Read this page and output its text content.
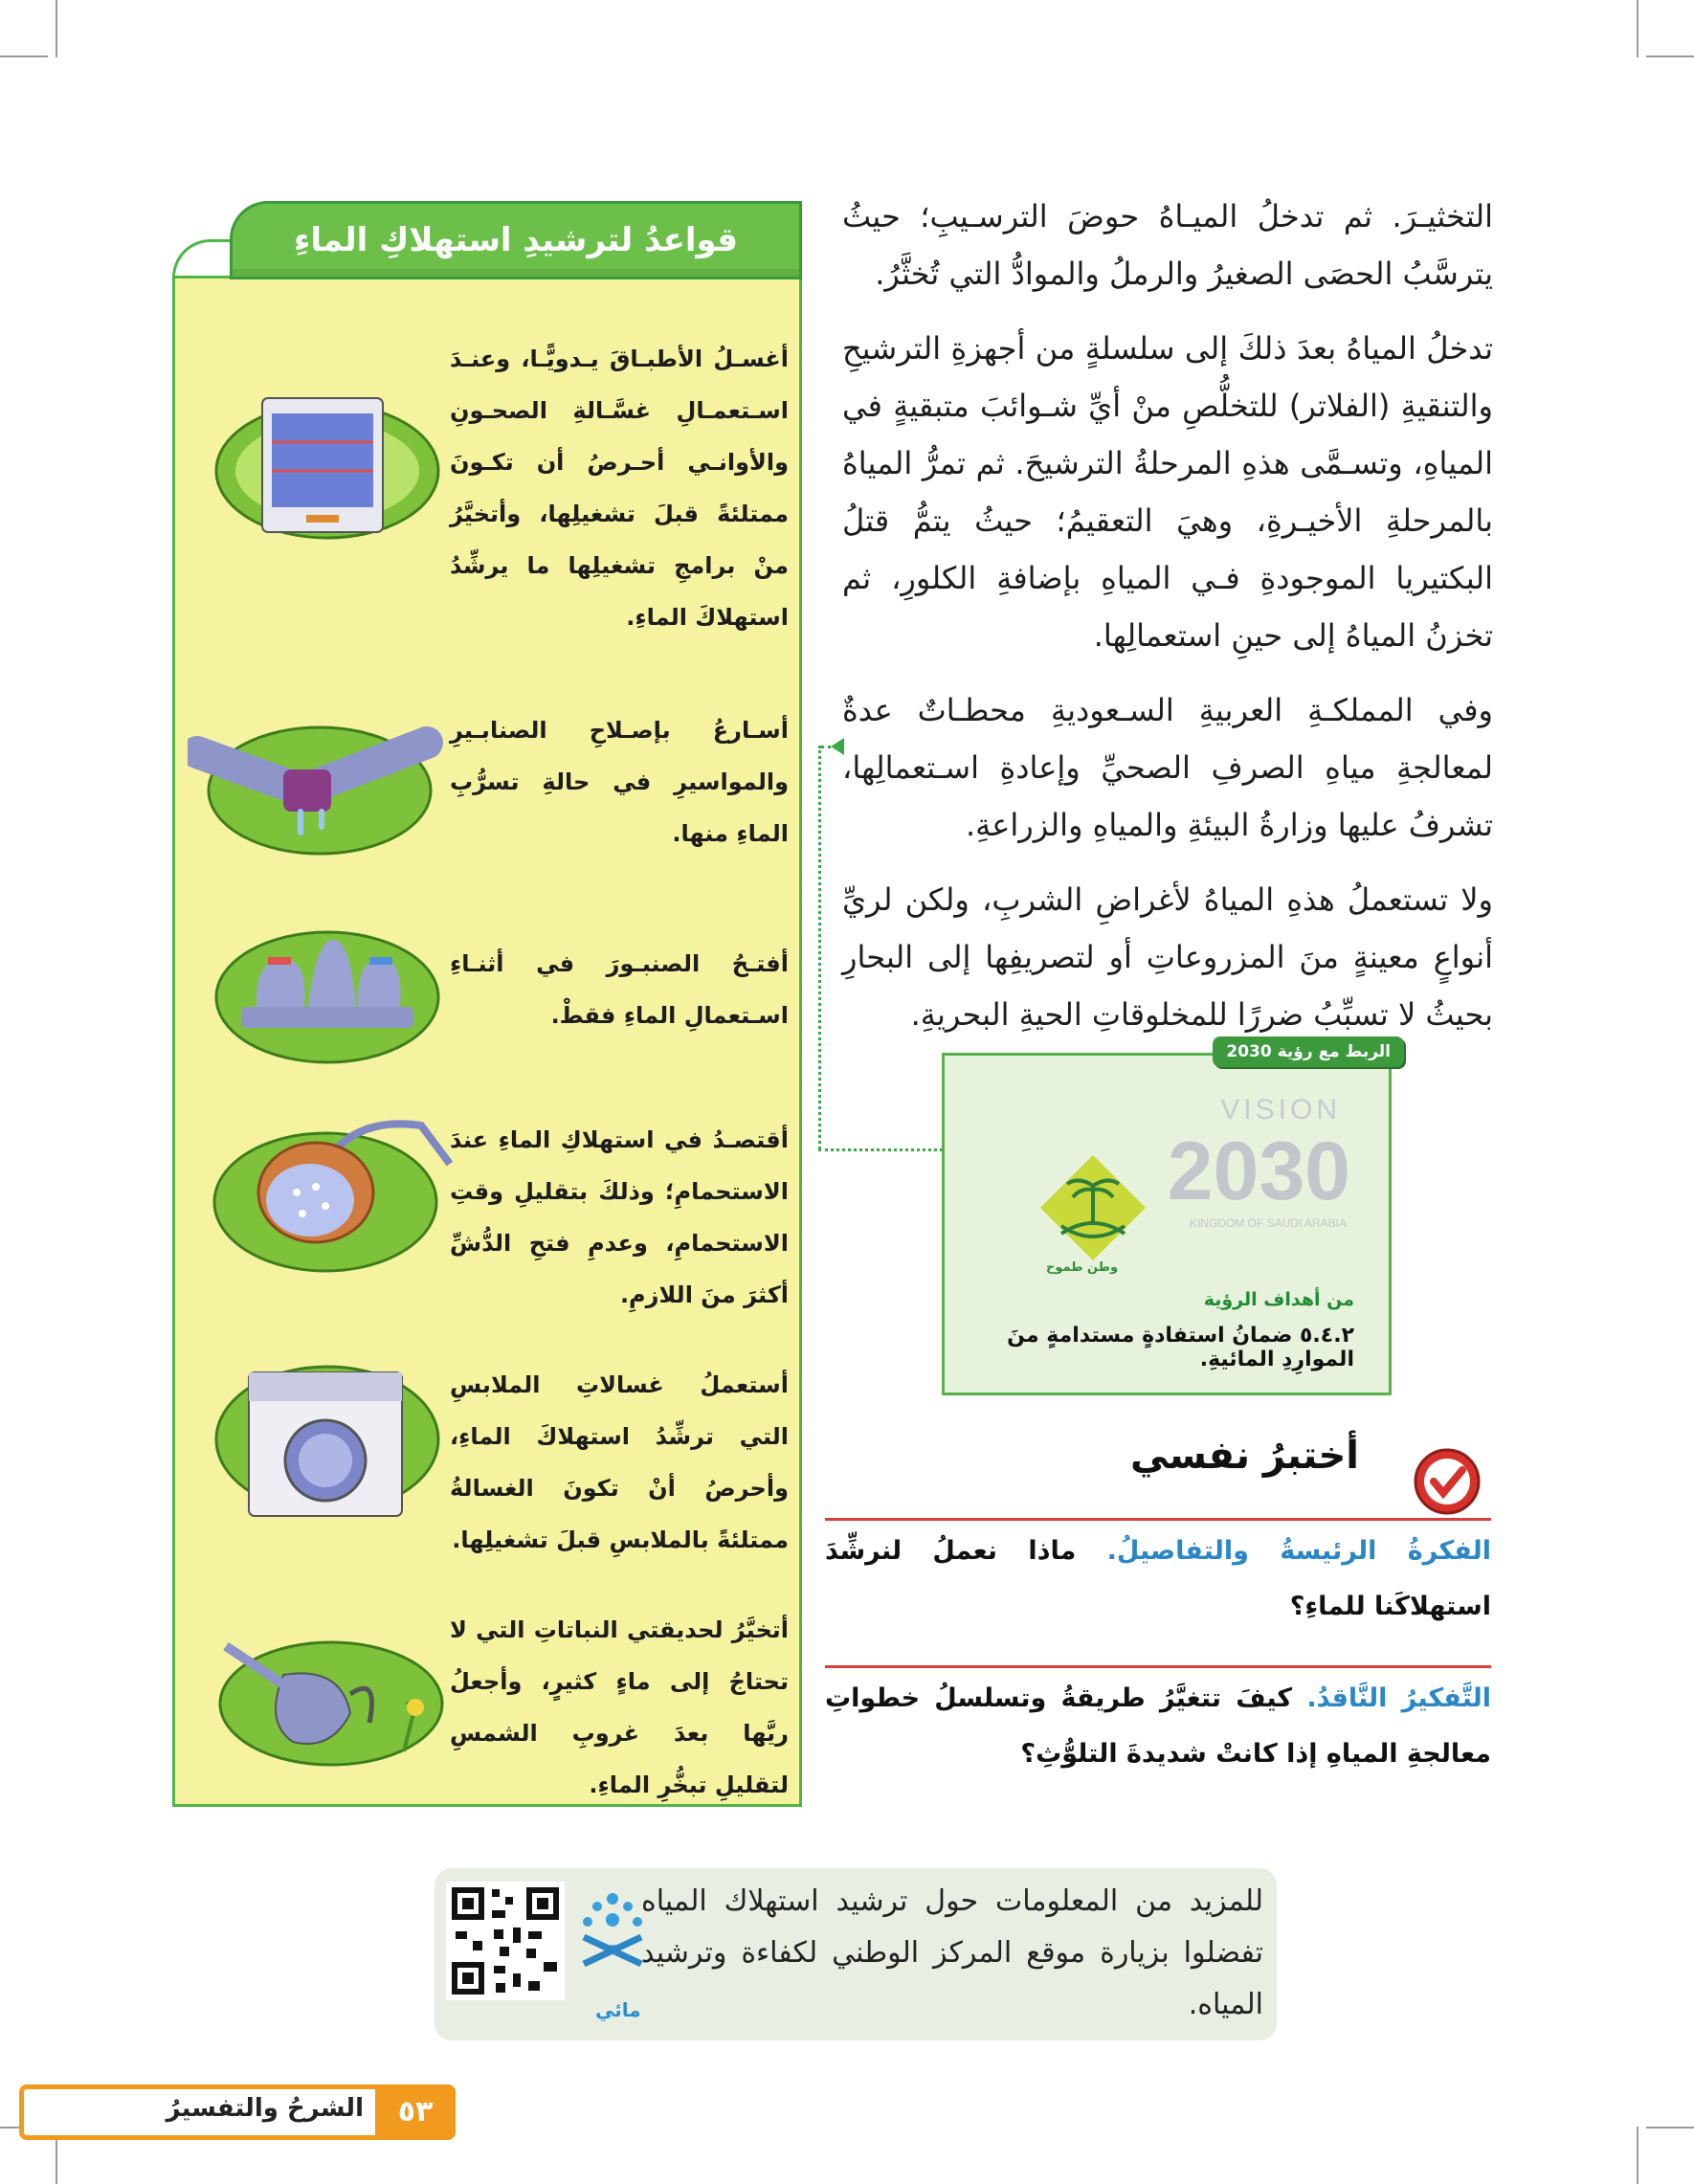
التخثيـرَ. ثم تدخلُ الميـاهُ حوضَ الترسـيبِ؛ حيثُ يترسَّبُ الحصَى الصغيرُ والرملُ والموادُّ التي تُخثَّرُ.

تدخلُ المياهُ بعدَ ذلكَ إلى سلسلةٍ من أجهزةِ الترشيحِ والتنقيةِ (الفلاتر) للتخلُّصِ منْ أيِّ شـوائبَ متبقيةٍ في المياهِ، وتسـمَّى هذهِ المرحلةُ الترشيحَ. ثم تمرُّ المياهُ بالمرحلةِ الأخيـرةِ، وهيَ التعقيمُ؛ حيثُ يتمُّ قتلُ البكتيريا الموجودةِ فـي المياهِ بإضافةِ الكلورِ، ثم تخزنُ المياهُ إلى حينِ استعمالِها.

وفي المملكـةِ العربيةِ السـعوديةِ محطـاتٌ عدةٌ لمعالجةِ مياهِ الصرفِ الصحيِّ وإعادةِ اسـتعمالِها، تشرفُ عليها وزارةُ البيئةِ والمياهِ والزراعةِ.

ولا تستعملُ هذهِ المياهُ لأغراضِ الشربِ، ولكن لريِّ أنواعٍ معينةٍ منَ المزروعاتِ أو لتصريفِها إلى البحارِ بحيثُ لا تسبِّبُ ضررًا للمخلوقاتِ الحيةِ البحريةِ.

الربط مع رؤية 2030
VISION
2030
KINGDOM OF SAUDI ARABIA
وطن طموح
من أهداف الرؤية
٥.٤.٢ ضمانُ استفادةٍ مستدامةٍ منَ الموارِدِ المائيةِ.
أختبرُ نفسي
الفكرةُ الرئيسةُ والتفاصيلُ. ماذا نعملُ لنرشِّدَ استهلاكَنا للماءِ؟
التَّفكيرُ النَّاقدُ. كيفَ تتغيَّرُ طريقةُ وتسلسلُ خطواتِ معالجةِ المياهِ إذا كانتْ شديدةَ التلوُّثِ؟
قواعدُ لترشيدِ استهلاكِ الماءِ
أغسـلُ الأطبـاقَ يـدويًّـا، وعنـدَ اسـتعمـالِ غسَّـالةِ الصحـونِ والأوانـي أحـرصُ أن تكـونَ ممتلئةً قبلَ تشغيلِها، وأتخيَّرُ منْ برامجِ تشغيلِها ما يرشِّدُ استهلاكَ الماءِ.
أسـارعُ بإصـلاحِ الصنابـيرِ والمواسيرِ في حالةِ تسرُّبِ الماءِ منها.
أفتـحُ الصنبـورَ في أثنـاءِ اسـتعمالِ الماءِ فقطْ.
أقتصـدُ في استهلاكِ الماءِ عندَ الاستحمامِ؛ وذلكَ بتقليلِ وقتِ الاستحمامِ، وعدمِ فتحِ الدُّشِّ أكثرَ منَ اللازمِ.
أستعملُ غسالاتِ الملابسِ التي ترشِّدُ استهلاكَ الماءِ، وأحرصُ أنْ تكونَ الغسالةُ ممتلئةً بالملابسِ قبلَ تشغيلِها.
أتخيَّرُ لحديقتي النباتاتِ التي لا تحتاجُ إلى ماءٍ كثيرٍ، وأجعلُ ريَّها بعدَ غروبِ الشمسِ لتقليلِ تبخُّرِ الماءِ.
مائي
للمزيد من المعلومات حول ترشيد استهلاك المياه تفضلوا بزيارة موقع المركز الوطني لكفاءة وترشيد المياه.
٥٣
الشرحُ والتفسيرُ
